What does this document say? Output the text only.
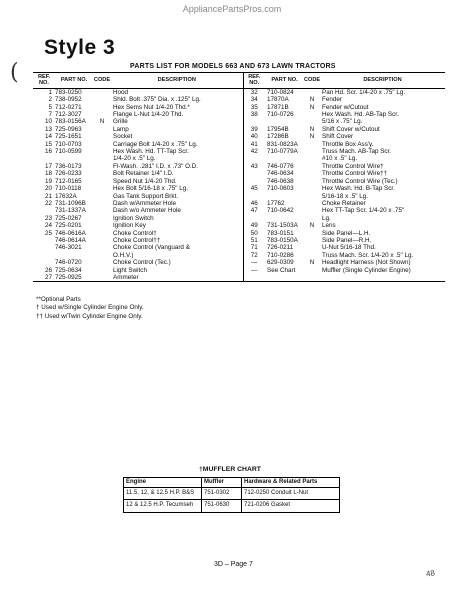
AppliancePartsPros.com
Style 3
(	PARTS LIST FOR MODELS 663 AND 673 LAWN TRACTORS
REF. NO.	PART NO.	CODE	DESCRIPTION	REF. NO.	PART NO.	CODE	DESCRIPTION
1	783-0250		Hood	32	710-0824		Pan Hd. Scr. 1/4-20 x .75" Lg.
2	738-0952		Shld. Bolt .375" Dia. x .125" Lg.	34	17870A	N	Fender
5	712-0271		Hex Sems Nut 1/4-20 Thd.*	35	17871B	N	Fender w/Cutout
7	712-3027		Flange L-Nut 1/4-20 Thd.	38	710-0726		Hex Wash. Hd. AB-Tap Scr.
10	783-0156A	N	Grille				5/16 x .75" Lg.
13	725-0963		Lamp	39	17954B	N	Shift Cover w/Cutout
14	725-1651		Socket	40	17286B	N	Shift Cover
15	710-0703		Carriage Bolt 1/4-20 x .75" Lg.	41	831-0823A		Throttle Box Ass'y.
16	710-0599		Hex Wash. Hd. TT-Tap Scr.	42	710-0779A		Truss Mach. AB-Tap Scr.
			1/4-20 x .5" Lg.				#10 x .5" Lg.
17	736-0173		Fl-Wash. .281" I.D. x .73" O.D.	43	746-0776		Throttle Control Wire†
18	726-0233		Bolt Retainer 1/4" I.D.		746-0634		Throttle Control Wire††
19	712-0165		Speed Nut 1/4-20 Thd.		746-0638		Throttle Control Wire (Tec.)
20	710-0118		Hex Bolt 5/16-18 x .75" Lg.	45	710-0603		Hex Wash. Hd. B-Tap Scr.
21	17632A		Gas Tank Support Brkt.				5/16-18 x .5" Lg.
22	731-1096B		Dash w/Ammeter Hole	46	17762		Choke Retainer
	731-1337A		Dash w/o Ammeter Hole	47	710-0642		Hex TT-Tap Scr. 1/4-20 x .75"
23	725-0267		Ignition Switch				Lg.
24	725-0201		Ignition Key	49	731-1503A	N	Lens
25	746-0616A		Choke Control†	50	783-0151		Side Panel—L.H.
	746-0614A		Choke Control††	51	783-0150A		Side Panel—R.H.
	746-3021		Choke Control (Vanguard &	71	726-0211		U-Nut 5/16-18 Thd.
			O.H.V.)	72	710-0286		Truss Mach. Scr. 1/4-20 x .5" Lg.
	746-0720		Choke Control (Tec.)	—	629-0309	N	Headlight Harness (Not Shown)
26	725-0634		Light Switch	—	See Chart		Muffler (Single Cylinder Engine)
27	725-0925		Ammeter				
**Optional Parts
† Used w/Single Cylinder Engine Only.
†† Used w/Twin Cylinder Engine Only.
†MUFFLER CHART
Engine	Muffler	Hardware & Related Parts
11.5, 12, & 12.5 H.P. B&S	751-0302	712-0250 Conduit L-Nut
12 & 12.5 H.P. Tecumseh	751-0630	721-0206 Gasket
3D – Page 7
48
